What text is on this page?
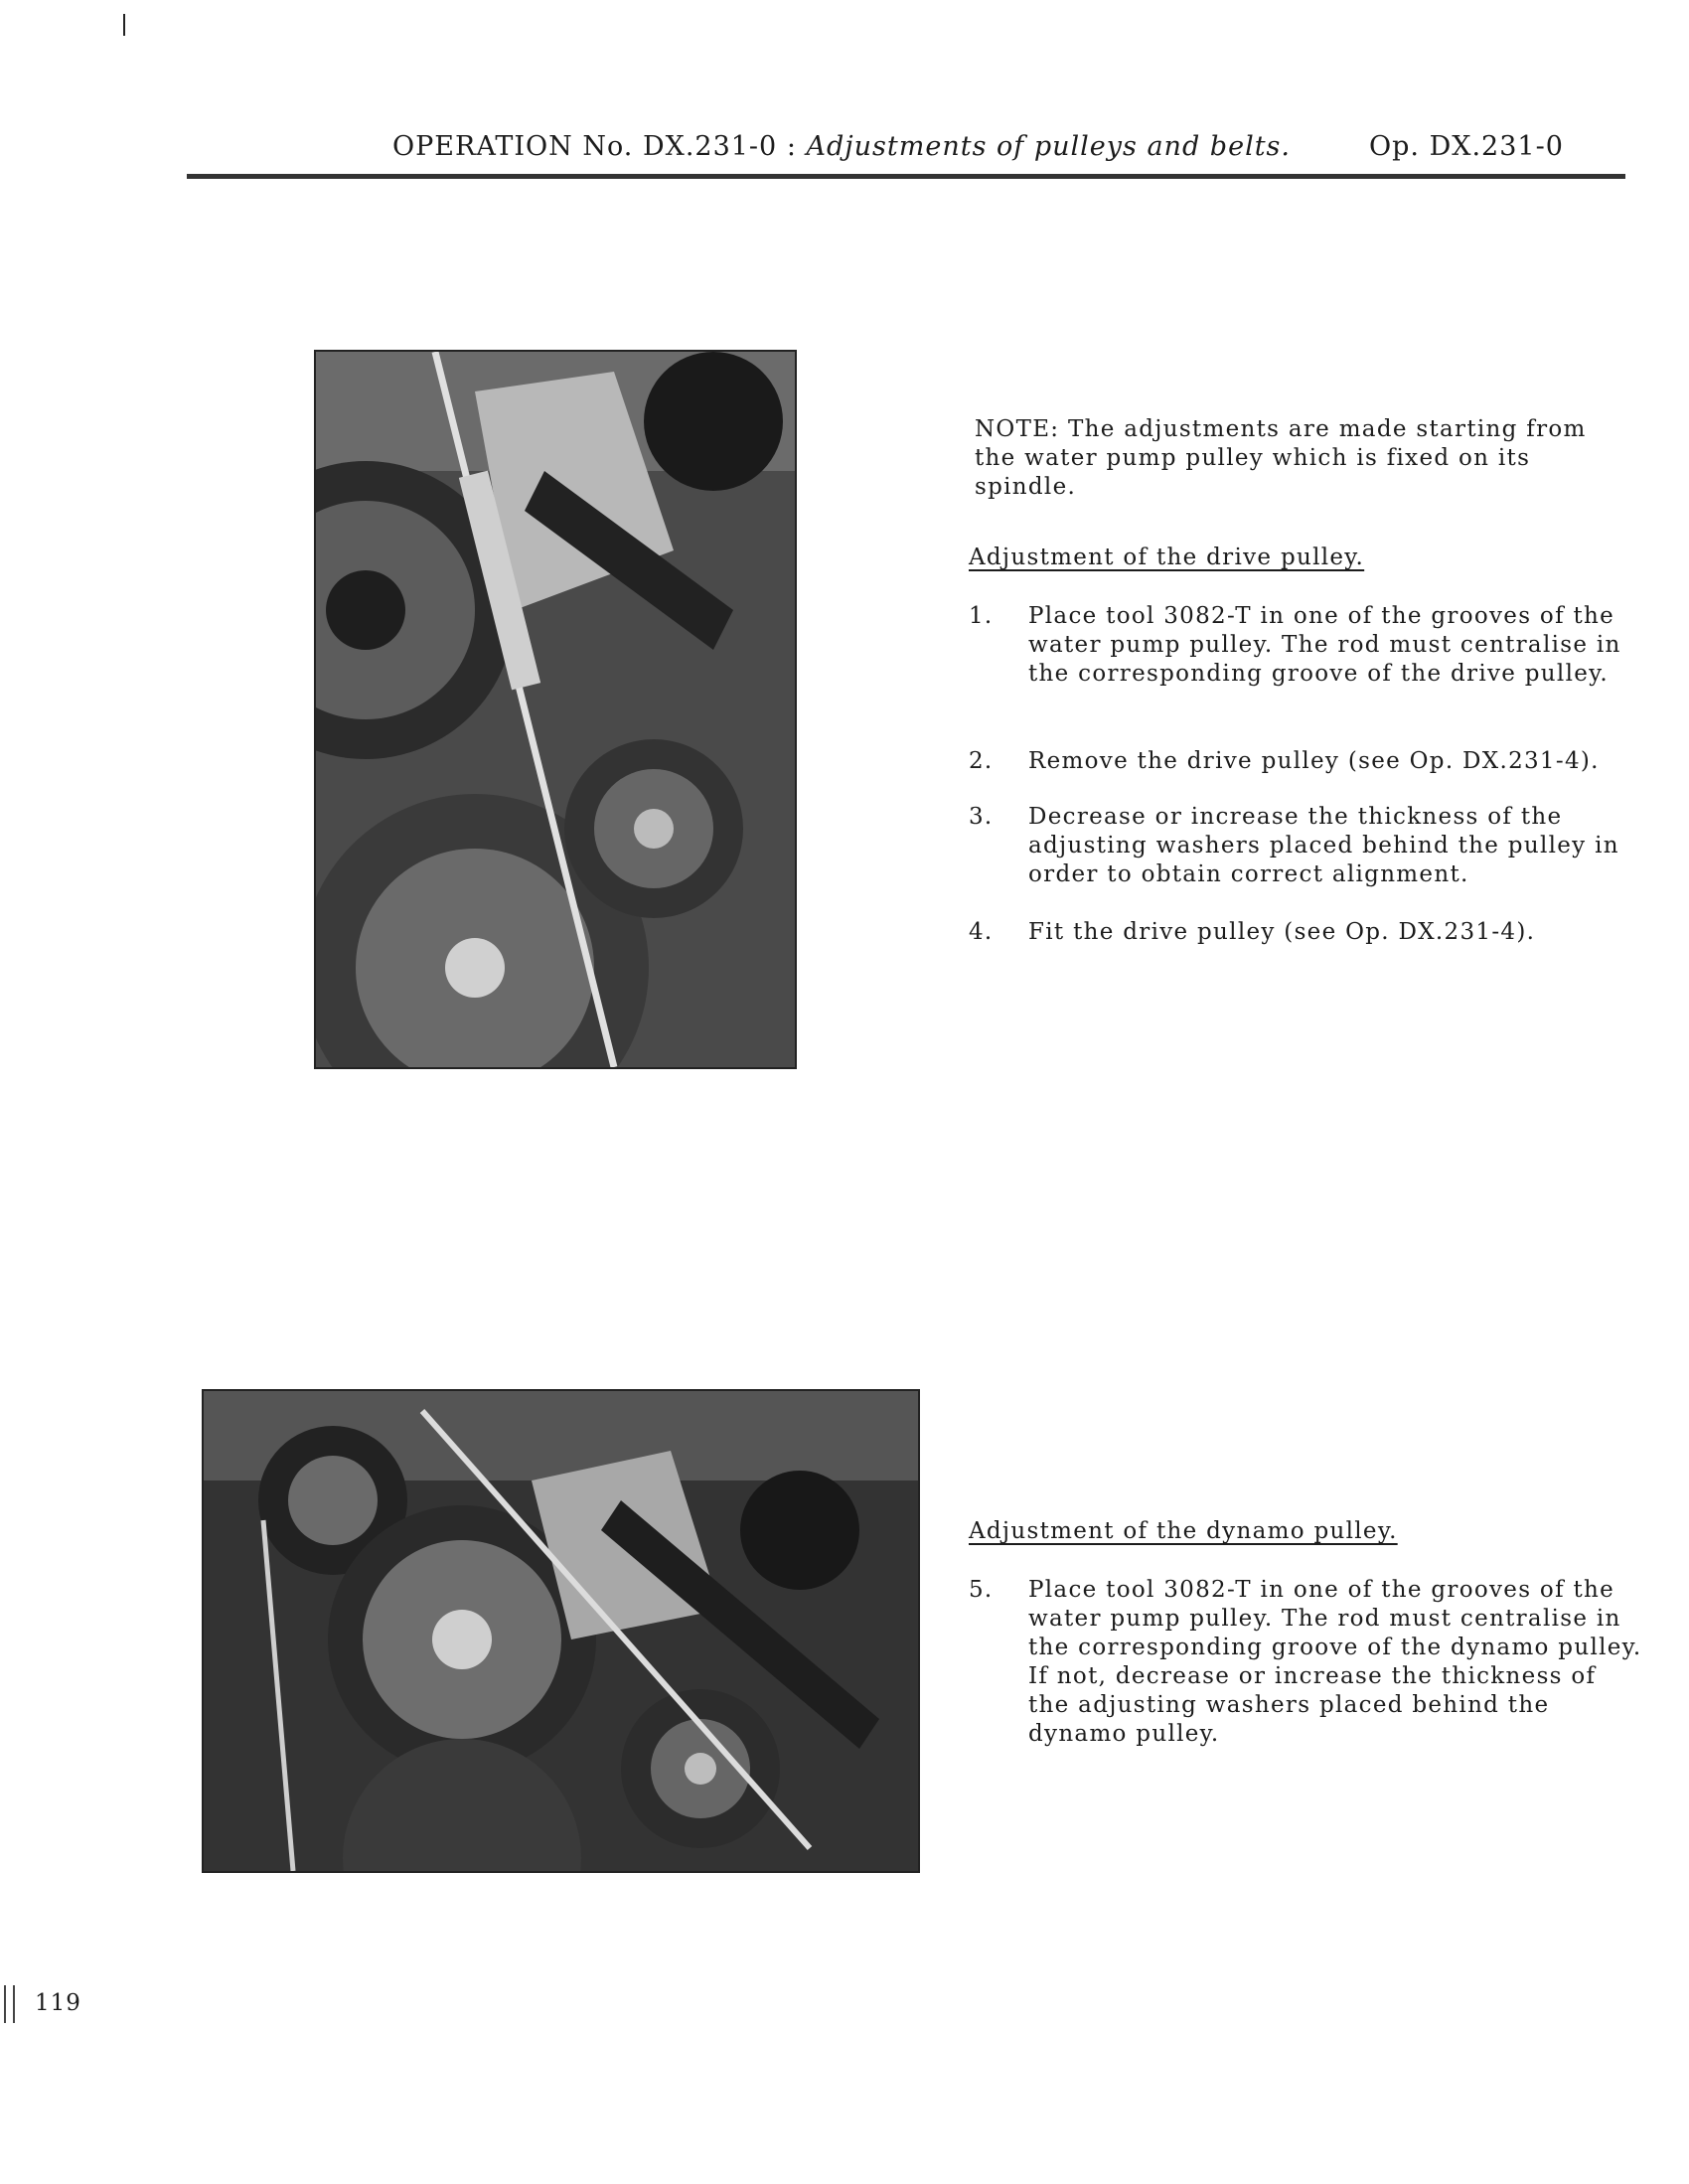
OPERATION No. DX.231-0 : Adjustments of pulleys and belts.	Op. DX.231-0
NOTE: The adjustments are made starting from the water pump pulley which is fixed on its spindle.
Adjustment of the drive pulley.
1. Place tool 3082-T in one of the grooves of the water pump pulley. The rod must centralise in the corresponding groove of the drive pulley.
2. Remove the drive pulley (see Op. DX.231-4).
3. Decrease or increase the thickness of the adjusting washers placed behind the pulley in order to obtain correct alignment.
4. Fit the drive pulley (see Op. DX.231-4).
Adjustment of the dynamo pulley.
5. Place tool 3082-T in one of the grooves of the water pump pulley. The rod must centralise in the corresponding groove of the dynamo pulley.
If not, decrease or increase the thickness of the adjusting washers placed behind the dynamo pulley.
119
